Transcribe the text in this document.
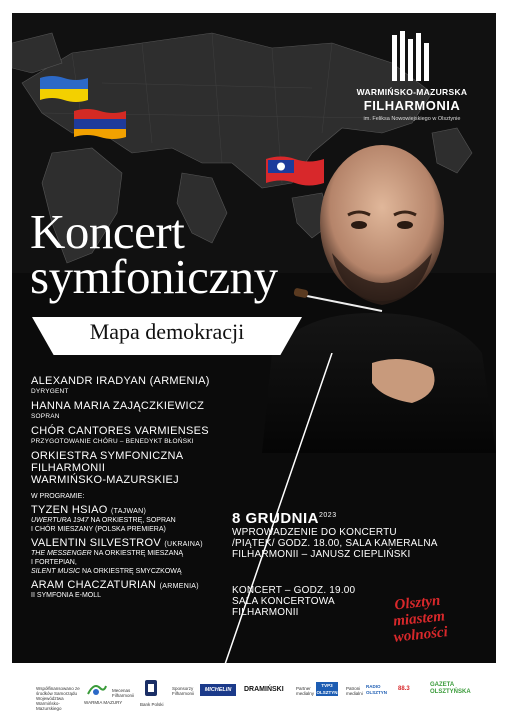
WARMIŃSKO-MAZURSKA
FILHARMONIA
im. Feliksa Nowowiejskiego w Olsztynie
Koncert
symfoniczny
Mapa demokracji
ALEXANDR IRADYAN (ARMENIA)
DYRYGENT
HANNA MARIA ZAJĄCZKIEWICZ
SOPRAN
CHÓR CANTORES VARMIENSES
PRZYGOTOWANIE CHÓRU – BENEDYKT BŁOŃSKI
ORKIESTRA SYMFONICZNA
FILHARMONII
WARMIŃSKO-MAZURSKIEJ
W PROGRAMIE:
TYZEN HSIAO (TAJWAN)
UWERTURA 1947 NA ORKIESTRĘ, SOPRAN
I CHÓR MIESZANY (POLSKA PREMIERA)
VALENTIN SILVESTROV (UKRAINA)
THE MESSENGER NA ORKIESTRĘ MIESZANĄ
I FORTEPIAN,
SILENT MUSIC NA ORKIESTRĘ SMYCZKOWĄ
ARAM CHACZATURIAN (ARMENIA)
II SYMFONIA E-MOLL
8 $GRUDNIA^{2023}$
WPROWADZENIE DO KONCERTU
/PIĄTEK/ GODZ. 18.00, SALA KAMERALNA
FILHARMONII – JANUSZ CIEPLIŃSKI
KONCERT – GODZ. 19.00
SALA KONCERTOWA
FILHARMONII	Olsztyn
miastem
wolności
Współfinansowano ze środków Samorządu Województwa Warmińsko-Mazurskiego
WARMIA MAZURY
Mecenas Filharmonii
Bank Polski
Sponsorzy Filharmonii
MICHELIN	DRAMIŃSKI	Partner medialny
TVP3 OLSZTYN
Patroni medialni
RADIO OLSZTYN
88.3
GAZETA OLSZTYŃSKA
